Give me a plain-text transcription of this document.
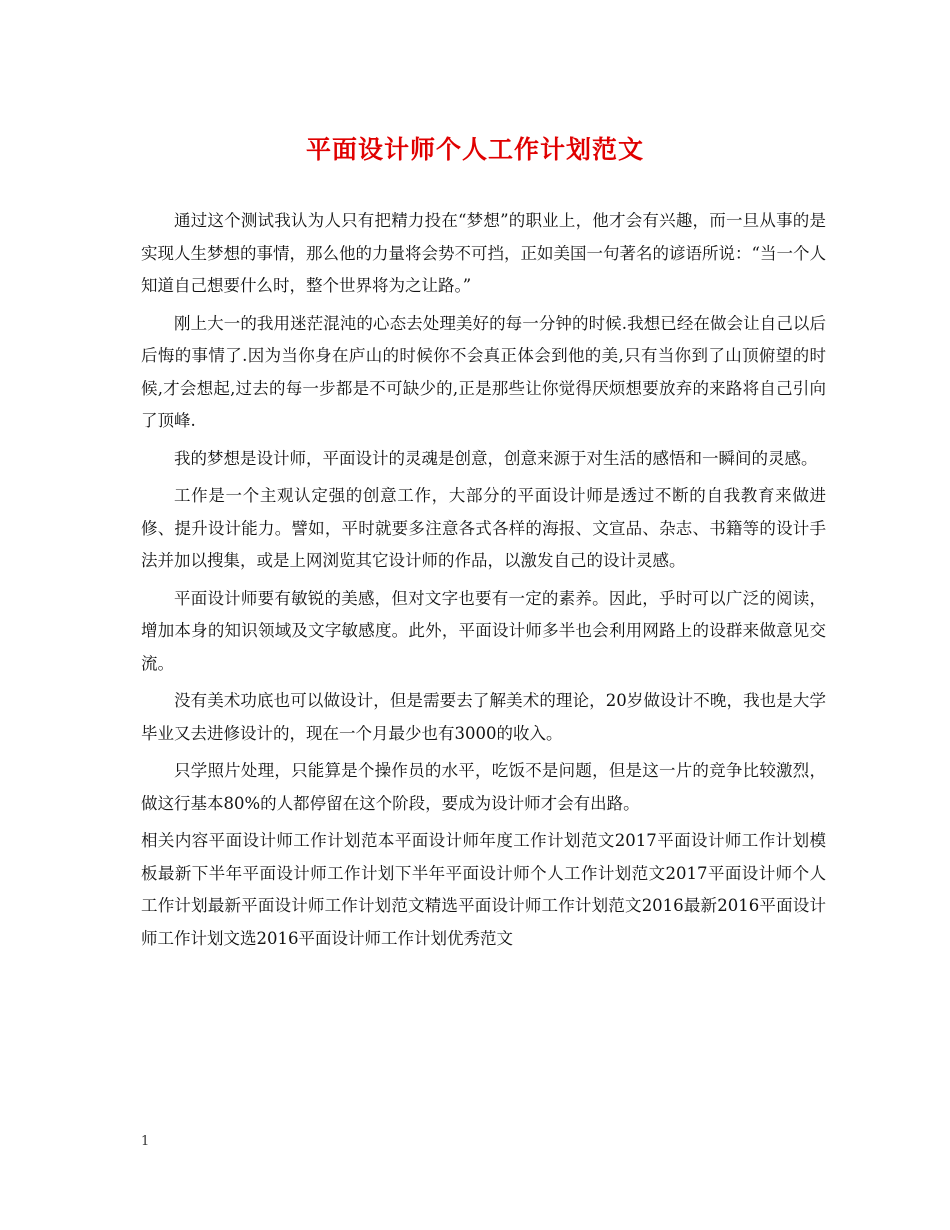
平面设计师个人工作计划范文

通过这个测试我认为人只有把精力投在“梦想”的职业上，他才会有兴趣，而一旦从事的是实现人生梦想的事情，那么他的力量将会势不可挡，正如美国一句著名的谚语所说：“当一个人知道自己想要什么时，整个世界将为之让路。”

刚上大一的我用迷茫混沌的心态去处理美好的每一分钟的时候.我想已经在做会让自己以后后悔的事情了.因为当你身在庐山的时候你不会真正体会到他的美,只有当你到了山顶俯望的时候,才会想起,过去的每一步都是不可缺少的,正是那些让你觉得厌烦想要放弃的来路将自己引向了顶峰.

我的梦想是设计师，平面设计的灵魂是创意，创意来源于对生活的感悟和一瞬间的灵感。

工作是一个主观认定强的创意工作，大部分的平面设计师是透过不断的自我教育来做进修、提升设计能力。譬如，平时就要多注意各式各样的海报、文宣品、杂志、书籍等的设计手法并加以搜集，或是上网浏览其它设计师的作品，以激发自己的设计灵感。

平面设计师要有敏锐的美感，但对文字也要有一定的素养。因此，乎时可以广泛的阅读，增加本身的知识领域及文字敏感度。此外，平面设计师多半也会利用网路上的设群来做意见交流。

没有美术功底也可以做设计，但是需要去了解美术的理论，20岁做设计不晚，我也是大学毕业又去进修设计的，现在一个月最少也有3000的收入。

只学照片处理，只能算是个操作员的水平，吃饭不是问题，但是这一片的竞争比较激烈，做这行基本80%的人都停留在这个阶段，要成为设计师才会有出路。

相关内容平面设计师工作计划范本平面设计师年度工作计划范文2017平面设计师工作计划模板最新下半年平面设计师工作计划下半年平面设计师个人工作计划范文2017平面设计师个人工作计划最新平面设计师工作计划范文精选平面设计师工作计划范文2016最新2016平面设计师工作计划文选2016平面设计师工作计划优秀范文

1
